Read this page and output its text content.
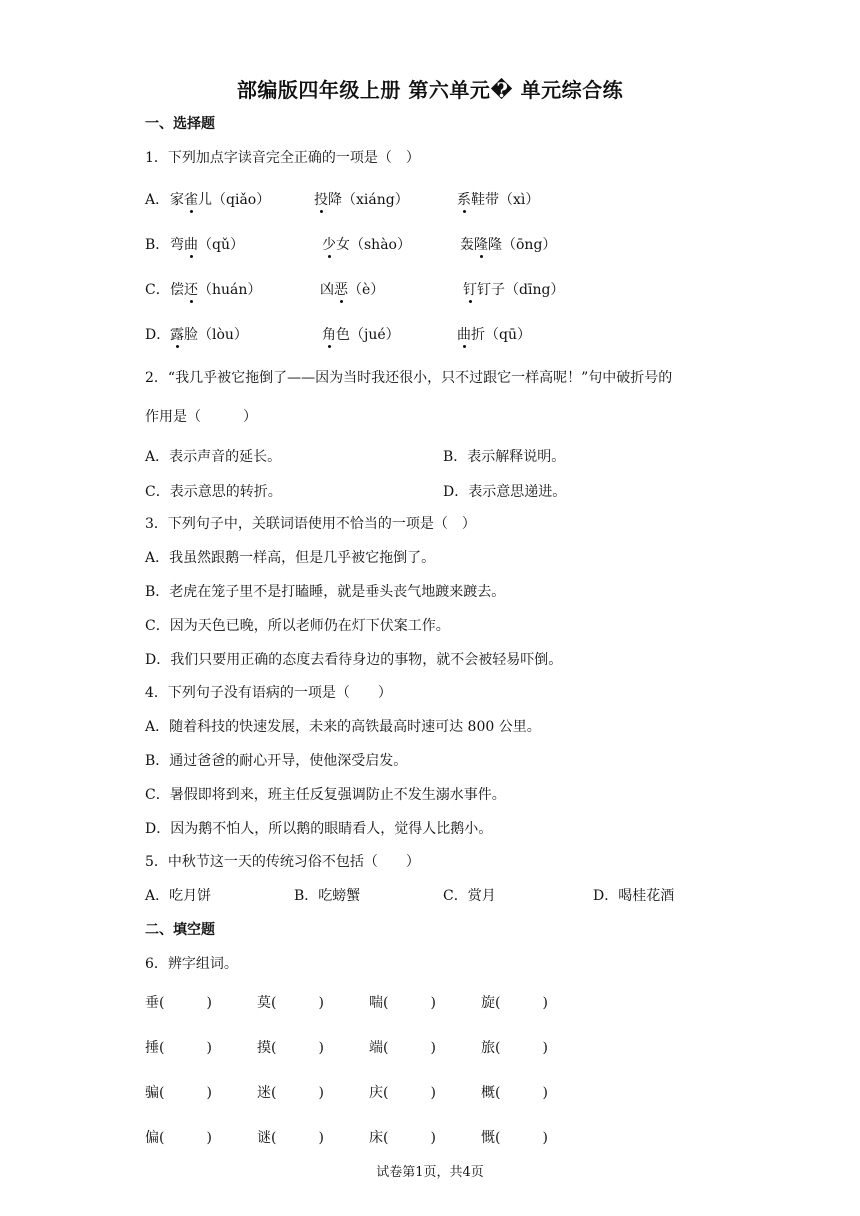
部编版四年级上册 第六单元� 单元综合练
一、选择题
1．下列加点字读音完全正确的一项是（　）
A． 家雀儿（qiǎo）	投降（xiáng）	系鞋带（xì）
B． 弯曲（qǔ）	少女（shào）	轰隆隆（ōng）
C． 偿还（huán）	凶恶（è）	钉钉子（dīng）
D． 露脸（lòu）	角色（jué）	曲折（qū）
2．“我几乎被它拖倒了——因为当时我还很小，只不过跟它一样高呢！”句中破折号的
作用是（　　　）
A．表示声音的延长。	B．表示解释说明。
C．表示意思的转折。	D．表示意思递进。
3．下列句子中，关联词语使用不恰当的一项是（　）
A．我虽然跟鹅一样高，但是几乎被它拖倒了。
B．老虎在笼子里不是打瞌睡，就是垂头丧气地踱来踱去。
C．因为天色已晚，所以老师仍在灯下伏案工作。
D．我们只要用正确的态度去看待身边的事物，就不会被轻易吓倒。
4．下列句子没有语病的一项是（　　）
A．随着科技的快速发展，未来的高铁最高时速可达 800 公里。
B．通过爸爸的耐心开导，使他深受启发。
C．暑假即将到来，班主任反复强调防止不发生溺水事件。
D．因为鹅不怕人，所以鹅的眼睛看人，觉得人比鹅小。
5．中秋节这一天的传统习俗不包括（　　）
A．吃月饼	B．吃螃蟹	C．赏月	D．喝桂花酒
二、填空题
6．辨字组词。
垂(　　　)	莫(　　　)	喘(　　　)	旋(　　　)
捶(　　　)	摸(　　　)	端(　　　)	旅(　　　)
骗(　　　)	迷(　　　)	庆(　　　)	概(　　　)
偏(　　　)	谜(　　　)	床(　　　)	慨(　　　)
试卷第1页，共4页
